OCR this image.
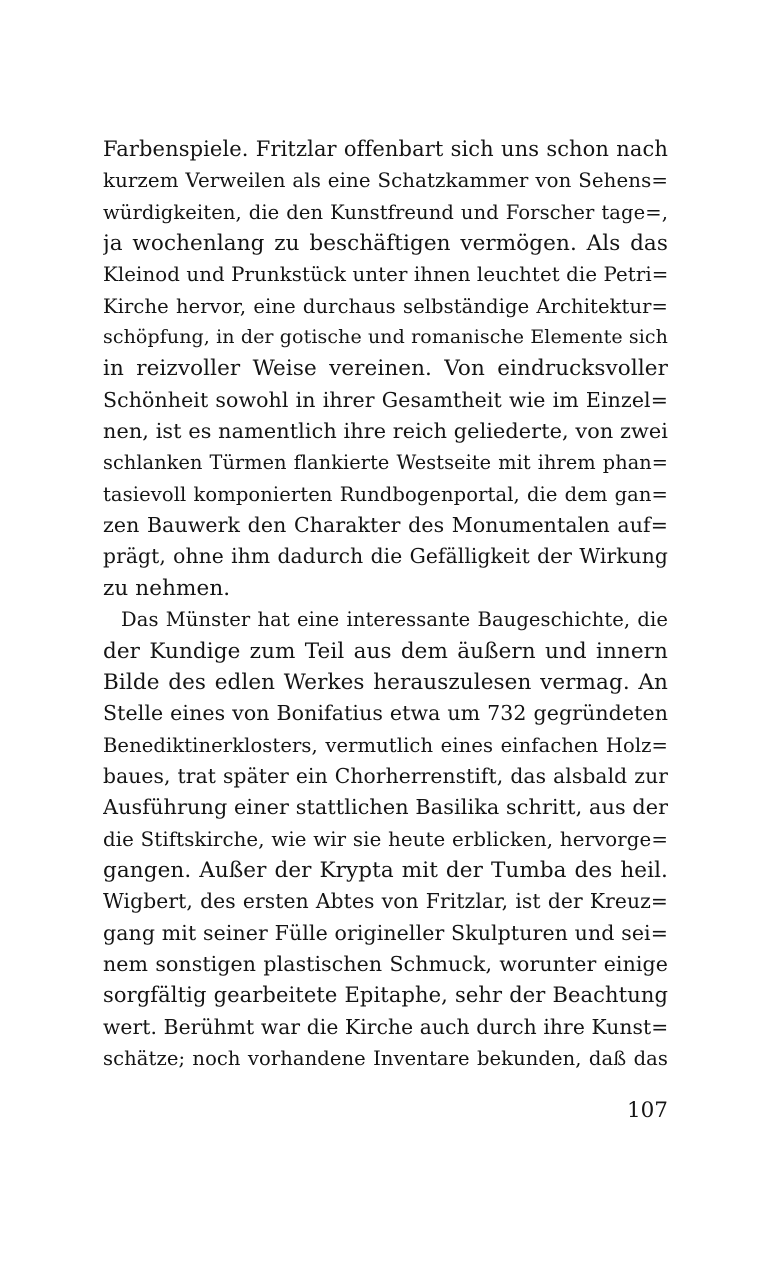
Farbenspiele. Fritzlar offenbart sich uns schon nach
kurzem Verweilen als eine Schatzkammer von Sehens=
würdigkeiten, die den Kunstfreund und Forscher tage=,
ja wochenlang zu beschäftigen vermögen. Als das
Kleinod und Prunkstück unter ihnen leuchtet die Petri=
Kirche hervor, eine durchaus selbständige Architektur=
schöpfung, in der gotische und romanische Elemente sich
in reizvoller Weise vereinen. Von eindrucksvoller
Schönheit sowohl in ihrer Gesamtheit wie im Einzel=
nen, ist es namentlich ihre reich geliederte, von zwei
schlanken Türmen flankierte Westseite mit ihrem phan=
tasievoll komponierten Rundbogenportal, die dem gan=
zen Bauwerk den Charakter des Monumentalen auf=
prägt, ohne ihm dadurch die Gefälligkeit der Wirkung
zu nehmen.
Das Münster hat eine interessante Baugeschichte, die
der Kundige zum Teil aus dem äußern und innern
Bilde des edlen Werkes herauszulesen vermag. An
Stelle eines von Bonifatius etwa um 732 gegründeten
Benediktinerklosters, vermutlich eines einfachen Holz=
baues, trat später ein Chorherrenstift, das alsbald zur
Ausführung einer stattlichen Basilika schritt, aus der
die Stiftskirche, wie wir sie heute erblicken, hervorge=
gangen. Außer der Krypta mit der Tumba des heil.
Wigbert, des ersten Abtes von Fritzlar, ist der Kreuz=
gang mit seiner Fülle origineller Skulpturen und sei=
nem sonstigen plastischen Schmuck, worunter einige
sorgfältig gearbeitete Epitaphe, sehr der Beachtung
wert. Berühmt war die Kirche auch durch ihre Kunst=
schätze; noch vorhandene Inventare bekunden, daß das
107
